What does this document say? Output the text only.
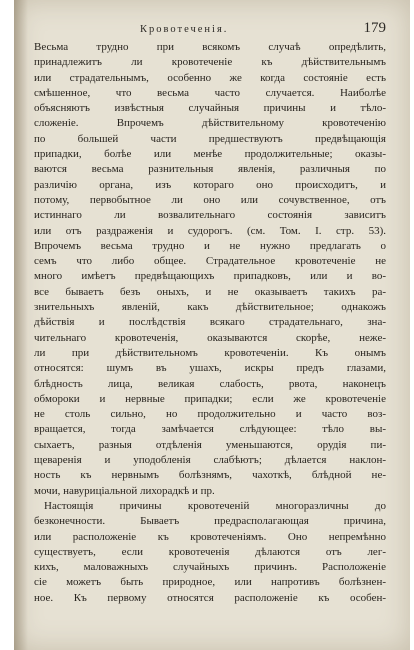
Кровотеченія.	179
Весьма трудно при всякомъ случаѣ опредѣлить,
принадлежитъ ли кровотеченіе къ дѣйствительнымъ
или страдательнымъ, особенно же когда состояніе есть
смѣшенное, что весьма часто случается. Наиболѣе
объясняютъ извѣстныя случайныя причины и тѣло-
сложеніе. Впрочемъ дѣйствительному кровотеченію
по большей части предшествуютъ предвѣщающія
припадки, болѣе или менѣе продолжительные; оказы-
ваются весьма разнительныя явленія, различныя по
различію органа, изъ котораго оно происходитъ, и
потому, первобытное ли оно или сочувственное, отъ
истиннаго ли возвалительнаго состоянія зависитъ
или отъ раздраженія и судорогъ. (см. Том. I. стр. 53).
Впрочемъ весьма трудно и не нужно предлагать о
семъ что либо общее. Страдательное кровотеченіе не
много имѣетъ предвѣщающихъ припадковъ, или и во-
все бываетъ безъ оныхъ, и не оказываетъ такихъ ра-
знительныхъ явленій, какъ дѣйствительное; однакожъ
дѣйствія и послѣдствія всякаго страдательнаго, зна-
чительнаго кровотеченія, оказываются скорѣе, нежe-
ли при дѣйствительномъ кровотеченіи. Къ онымъ
относятся: шумъ въ ушахъ, искры предъ глазами,
блѣдность лица, великая слабость, рвота, наконецъ
обмороки и нервные припадки; если же кровотеченіе
не столь сильно, но продолжительно и часто воз-
вращается, тогда замѣчается слѣдующее: тѣло вы-
сыхаетъ, разныя отдѣленія уменьшаются, орудія пи-
щеваренія и уподобленія слабѣютъ; дѣлается наклон-
ность къ нервнымъ болѣзнямъ, чахоткѣ, блѣдной не-
мочи, навуриціальной лихорадкѣ и пр.
Настоящія причины кровотеченій многоразличны до
безконечности. Бываетъ предрасполагающая причина,
или расположеніе къ кровотеченіямъ. Оно непремѣнно
существуетъ, если кровотеченія дѣлаются отъ лег-
кихъ, маловажныхъ случайныхъ причинъ. Расположеніе
сіе можетъ быть природное, или напротивъ болѣзнен-
ное. Къ первому относятся расположеніе къ особен-
